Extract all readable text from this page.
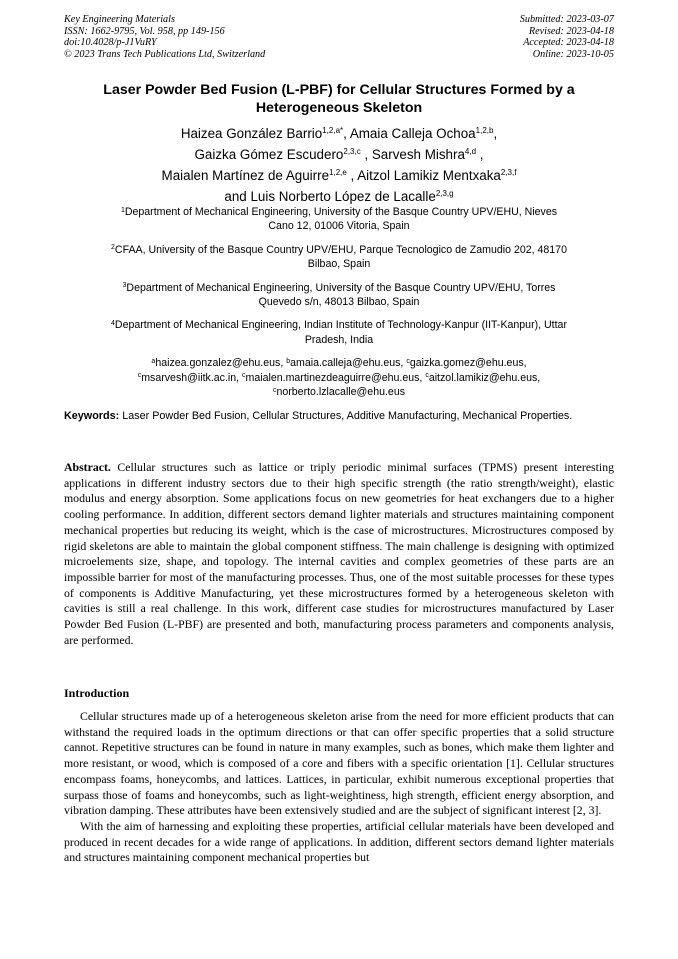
Key Engineering Materials
ISSN: 1662-9795, Vol. 958, pp 149-156
doi:10.4028/p-J1VuRY
© 2023 Trans Tech Publications Ltd, Switzerland
Submitted: 2023-03-07
Revised: 2023-04-18
Accepted: 2023-04-18
Online: 2023-10-05
Laser Powder Bed Fusion (L-PBF) for Cellular Structures Formed by a
Heterogeneous Skeleton
Haizea González Barrio$^{1,2,a*}$, Amaia Calleja Ochoa$^{1,2,b}$,
Gaizka Gómez Escudero$^{2,3,c}$ , Sarvesh Mishra$^{4,d}$ ,
Maialen Martínez de Aguirre$^{1,2,e}$ , Aitzol Lamikiz Mentxaka$^{2,3,f}$
and Luis Norberto López de Lacalle$^{2,3,g}$
$^1$Department of Mechanical Engineering, University of the Basque Country UPV/EHU, Nieves
Cano 12, 01006 Vitoria, Spain
$^2$CFAA, University of the Basque Country UPV/EHU, Parque Tecnologico de Zamudio 202, 48170
Bilbao, Spain
$^3$Department of Mechanical Engineering, University of the Basque Country UPV/EHU, Torres
Quevedo s/n, 48013 Bilbao, Spain
$^4$Department of Mechanical Engineering, Indian Institute of Technology-Kanpur (IIT-Kanpur), Uttar
Pradesh, India
$^a$haizea.gonzalez@ehu.eus, $^b$amaia.calleja@ehu.eus, $^c$gaizka.gomez@ehu.eus,
$^c$msarvesh@iitk.ac.in, $^c$maialen.martinezdeaguirre@ehu.eus, $^c$aitzol.lamikiz@ehu.eus,
$^c$norberto.lzlacalle@ehu.eus
Keywords: Laser Powder Bed Fusion, Cellular Structures, Additive Manufacturing, Mechanical Properties.
Abstract. Cellular structures such as lattice or triply periodic minimal surfaces (TPMS) present interesting applications in different industry sectors due to their high specific strength (the ratio strength/weight), elastic modulus and energy absorption. Some applications focus on new geometries for heat exchangers due to a higher cooling performance. In addition, different sectors demand lighter materials and structures maintaining component mechanical properties but reducing its weight, which is the case of microstructures. Microstructures composed by rigid skeletons are able to maintain the global component stiffness. The main challenge is designing with optimized microelements size, shape, and topology. The internal cavities and complex geometries of these parts are an impossible barrier for most of the manufacturing processes. Thus, one of the most suitable processes for these types of components is Additive Manufacturing, yet these microstructures formed by a heterogeneous skeleton with cavities is still a real challenge. In this work, different case studies for microstructures manufactured by Laser Powder Bed Fusion (L-PBF) are presented and both, manufacturing process parameters and components analysis, are performed.
Introduction

Cellular structures made up of a heterogeneous skeleton arise from the need for more efficient products that can withstand the required loads in the optimum directions or that can offer specific properties that a solid structure cannot. Repetitive structures can be found in nature in many examples, such as bones, which make them lighter and more resistant, or wood, which is composed of a core and fibers with a specific orientation [1]. Cellular structures encompass foams, honeycombs, and lattices. Lattices, in particular, exhibit numerous exceptional properties that surpass those of foams and honeycombs, such as light-weightiness, high strength, efficient energy absorption, and vibration damping. These attributes have been extensively studied and are the subject of significant interest [2, 3].

With the aim of harnessing and exploiting these properties, artificial cellular materials have been developed and produced in recent decades for a wide range of applications. In addition, different sectors demand lighter materials and structures maintaining component mechanical properties but
